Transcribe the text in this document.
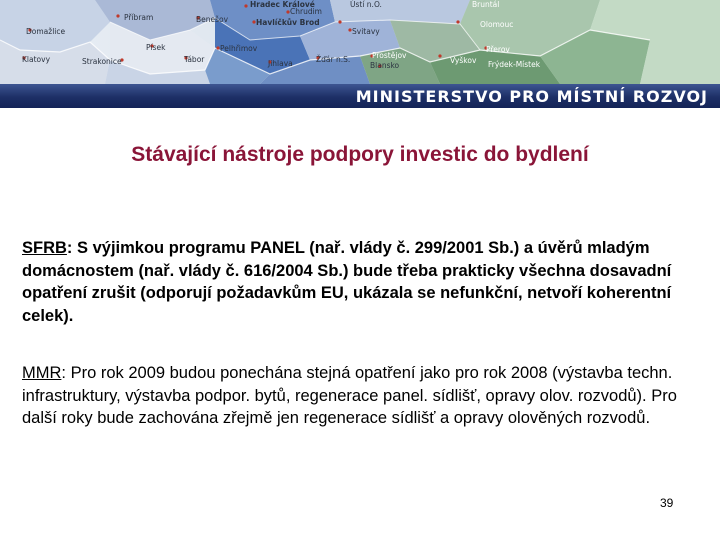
Hradec Králové	Ústí n.O.	Bruntál
Příbram	Benešov	Havlíčkův Brod
Chrudim
Domažlice
Písek	Pelhřimov
Svitavy
Olomouc
Klatovy	Strakonice	Tábor	Jihlava	Žďár n.S.	Prostějov
Blansko
Vyškov
Přerov
Frýdek-Místek
MINISTERSTVO PRO MÍSTNÍ ROZVOJ
Stávající nástroje podpory investic do bydlení
SFRB: S výjimkou programu PANEL (nař. vlády č. 299/2001 Sb.) a úvěrů mladým domácnostem (nař. vlády č. 616/2004 Sb.) bude třeba prakticky všechna dosavadní opatření zrušit (odporují požadavkům EU, ukázala se nefunkční, netvoří koherentní celek).
MMR: Pro rok 2009 budou ponechána stejná opatření jako pro rok 2008 (výstavba techn. infrastruktury, výstavba podpor. bytů, regenerace panel. sídlišť, opravy olov. rozvodů). Pro další roky bude zachována zřejmě jen regenerace sídlišť a opravy olověných rozvodů.
39
